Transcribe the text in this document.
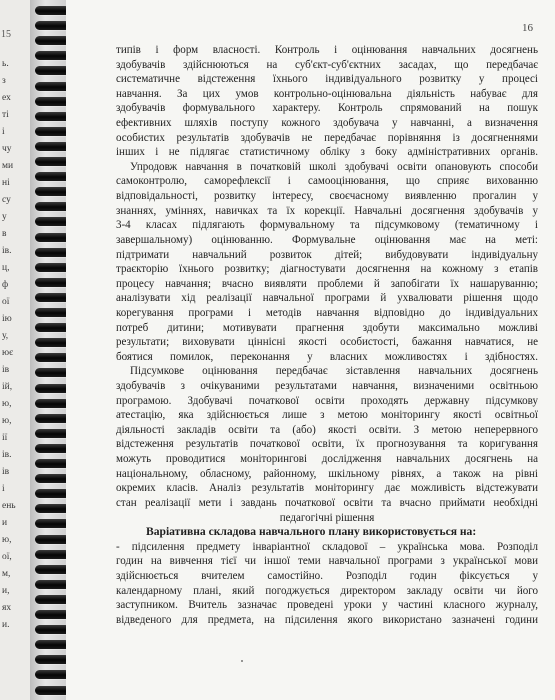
15
ь.
з
ех
ті
i
чу
ми
ні
су
у
в
ів.
ц,
ф
ої
ію
у,
ює
ів
ій,
ю,
ю,
ії
ів.
ів
i
ень
и
ю,
ої,
м,
и,
ях
и.
16
типів і форм власності. Контроль і оцінювання навчальних досягнень
здобувачів здійснюються на суб'єкт-суб'єктних засадах, що передбачає
систематичне відстеження їхнього індивідуального розвитку у процесі
навчання. За цих умов контрольно-оцінювальна діяльність набуває для
здобувачів формувального характеру. Контроль спрямований на пошук
ефективних шляхів поступу кожного здобувача у навчанні, а визначення
особистих результатів здобувачів не передбачає порівняння із досягненнями
інших і не підлягає статистичному обліку з боку адміністративних органів.
Упродовж навчання в початковій школі здобувачі освіти опановують способи
самоконтролю, саморефлексії і самооцінювання, що сприяє вихованню
відповідальності, розвитку інтересу, своєчасному виявленню прогалин у
знаннях, уміннях, навичках та їх корекції. Навчальні досягнення здобувачів у
3-4 класах підлягають формувальному та підсумковому (тематичному і
завершальному) оцінюванню. Формувальне оцінювання має на меті:
підтримати навчальний розвиток дітей; вибудовувати індивідуальну
траєкторію їхнього розвитку; діагностувати досягнення на кожному з етапів
процесу навчання; вчасно виявляти проблеми й запобігати їх нашаруванню;
аналізувати хід реалізації навчальної програми й ухвалювати рішення щодо
корегування програми і методів навчання відповідно до індивідуальних
потреб дитини; мотивувати прагнення здобути максимально можливі
результати; виховувати ціннісні якості особистості, бажання навчатися, не
боятися помилок, переконання у власних можливостях і здібностях.
Підсумкове оцінювання передбачає зіставлення навчальних досягнень
здобувачів з очікуваними результатами навчання, визначеними освітньою
програмою. Здобувачі початкової освіти проходять державну підсумкову
атестацію, яка здійснюється лише з метою моніторингу якості освітньої
діяльності закладів освіти та (або) якості освіти. З метою неперервного
відстеження результатів початкової освіти, їх прогнозування та коригування
можуть проводитися моніторингові дослідження навчальних досягнень на
національному, обласному, районному, шкільному рівнях, а також на рівні
окремих класів. Аналіз результатів моніторингу дає можливість відстежувати
стан реалізації мети і завдань початкової освіти та вчасно приймати необхідні
педагогічні рішення
Варіативна складова навчального плану використовується на:
- підсилення предмету інваріантної складової – українська мова. Розподіл
годин на вивчення тієї чи іншої теми навчальної програми з української мови
здійснюється вчителем самостійно. Розподіл годин фіксується у
календарному плані, який погоджується директором закладу освіти чи його
заступником. Вчитель зазначає проведені уроки у частині класного журналу,
відведеного для предмета, на підсилення якого використано зазначені години
